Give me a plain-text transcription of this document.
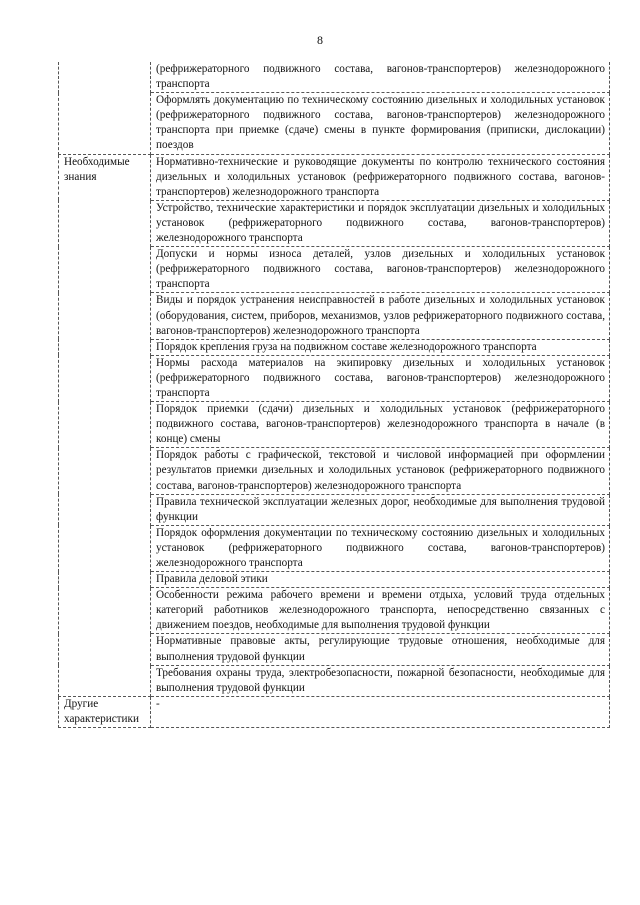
8
	(рефрижераторного подвижного состава, вагонов-транспортеров) железнодорожного транспорта
	Оформлять документацию по техническому состоянию дизельных и холодильных установок (рефрижераторного подвижного состава, вагонов-транспортеров) железнодорожного транспорта при приемке (сдаче) смены в пункте формирования (приписки, дислокации) поездов
Необходимые знания	Нормативно-технические и руководящие документы по контролю технического состояния дизельных и холодильных установок (рефрижераторного подвижного состава, вагонов-транспортеров) железнодорожного транспорта
	Устройство, технические характеристики и порядок эксплуатации дизельных и холодильных установок (рефрижераторного подвижного состава, вагонов-транспортеров) железнодорожного транспорта
	Допуски и нормы износа деталей, узлов дизельных и холодильных установок (рефрижераторного подвижного состава, вагонов-транспортеров) железнодорожного транспорта
	Виды и порядок устранения неисправностей в работе дизельных и холодильных установок (оборудования, систем, приборов, механизмов, узлов рефрижераторного подвижного состава, вагонов-транспортеров) железнодорожного транспорта
	Порядок крепления груза на подвижном составе железнодорожного транспорта
	Нормы расхода материалов на экипировку дизельных и холодильных установок (рефрижераторного подвижного состава, вагонов-транспортеров) железнодорожного транспорта
	Порядок приемки (сдачи) дизельных и холодильных установок (рефрижераторного подвижного состава, вагонов-транспортеров) железнодорожного транспорта в начале (в конце) смены
	Порядок работы с графической, текстовой и числовой информацией при оформлении результатов приемки дизельных и холодильных установок (рефрижераторного подвижного состава, вагонов-транспортеров) железнодорожного транспорта
	Правила технической эксплуатации железных дорог, необходимые для выполнения трудовой функции
	Порядок оформления документации по техническому состоянию дизельных и холодильных установок (рефрижераторного подвижного состава, вагонов-транспортеров) железнодорожного транспорта
	Правила деловой этики
	Особенности режима рабочего времени и времени отдыха, условий труда отдельных категорий работников железнодорожного транспорта, непосредственно связанных с движением поездов, необходимые для выполнения трудовой функции
	Нормативные правовые акты, регулирующие трудовые отношения, необходимые для выполнения трудовой функции
	Требования охраны труда, электробезопасности, пожарной безопасности, необходимые для выполнения трудовой функции
Другие характеристики	-
